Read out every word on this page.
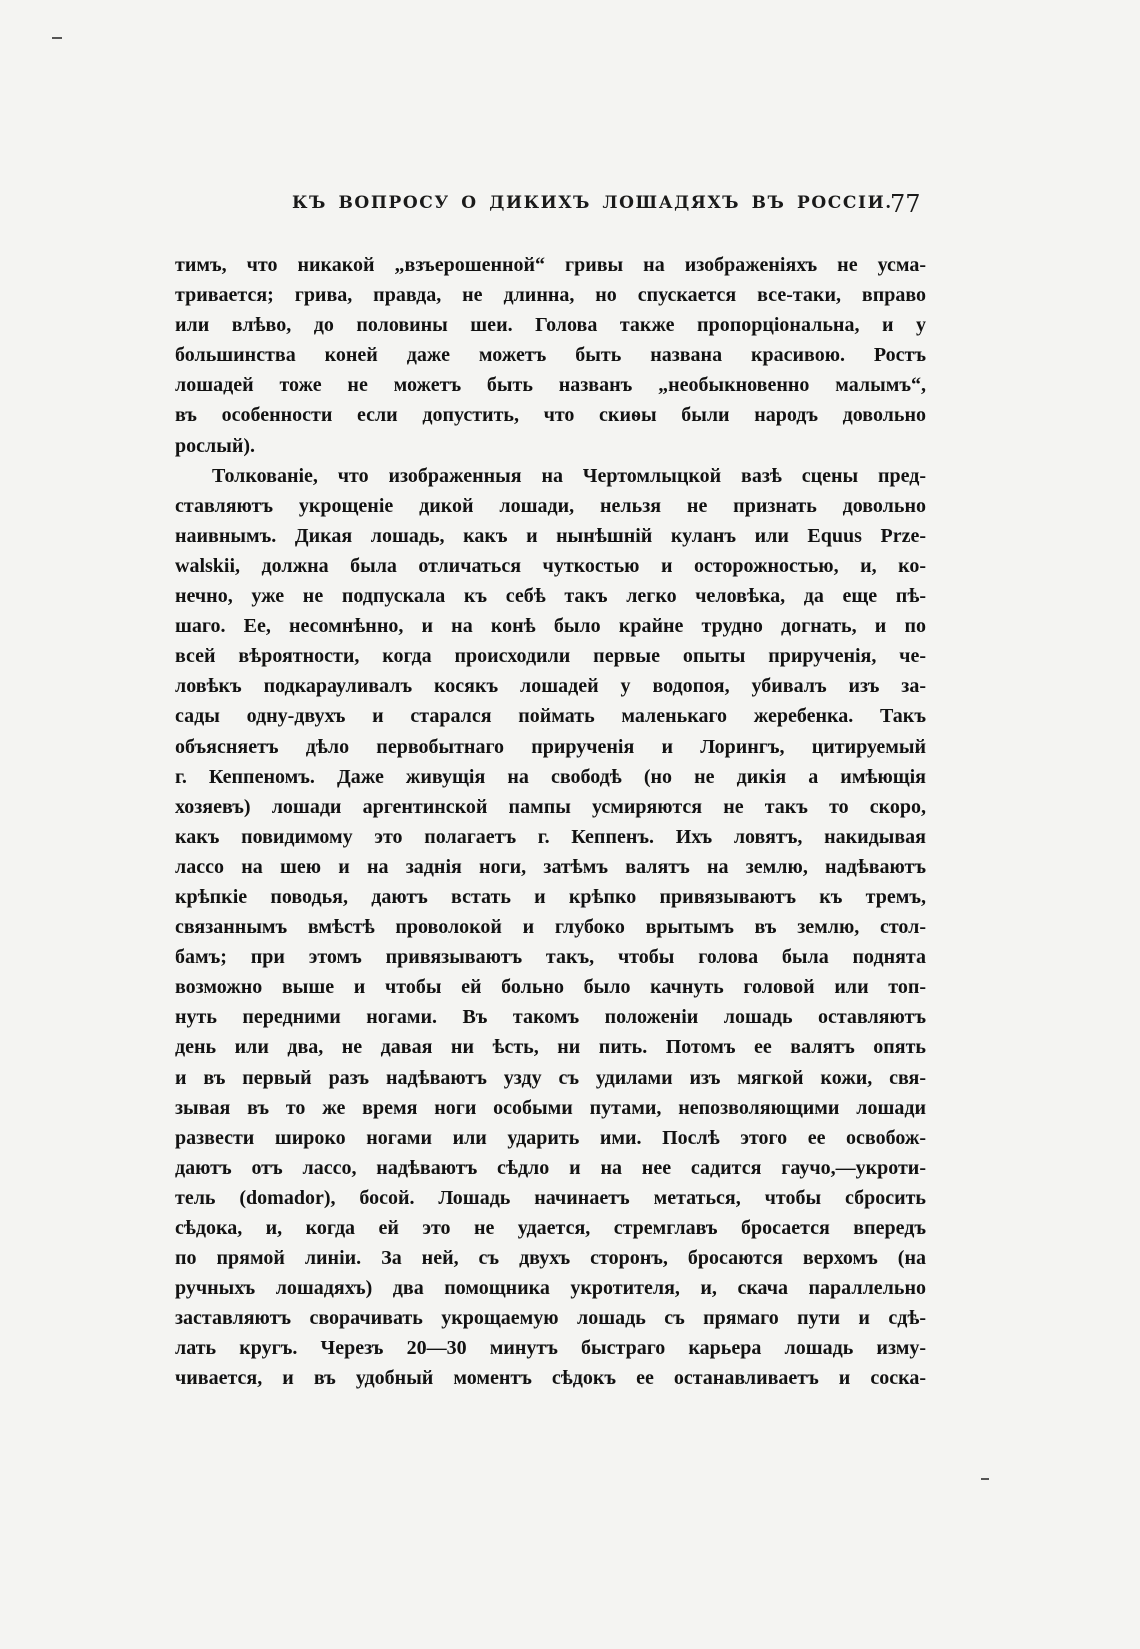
КЪ ВОПРОСУ О ДИКИХЪ ЛОШАДЯХЪ ВЪ РОССІИ.
77
тимъ, что никакой „взъерошенной“ гривы на изображеніяхъ не усма-
тривается; грива, правда, не длинна, но спускается все-таки, вправо
или влѣво, до половины шеи. Голова также пропорціональна, и у
большинства коней даже можетъ быть названа красивою. Ростъ
лошадей тоже не можетъ быть названъ „необыкновенно малымъ“,
въ особенности если допустить, что скиѳы были народъ довольно
рослый).
Толкованіе, что изображенныя на Чертомлыцкой вазѣ сцены пред-
ставляютъ укрощеніе дикой лошади, нельзя не признать довольно
наивнымъ. Дикая лошадь, какъ и нынѣшній куланъ или Equus Prze-
walskii, должна была отличаться чуткостью и осторожностью, и, ко-
нечно, уже не подпускала къ себѣ такъ легко человѣка, да еще пѣ-
шаго. Ее, несомнѣнно, и на конѣ было крайне трудно догнать, и по
всей вѣроятности, когда происходили первые опыты прирученія, че-
ловѣкъ подкарауливалъ косякъ лошадей у водопоя, убивалъ изъ за-
сады одну-двухъ и старался поймать маленькаго жеребенка. Такъ
объясняетъ дѣло первобытнаго прирученія и Лорингъ, цитируемый
г. Кеппеномъ. Даже живущія на свободѣ (но не дикія а имѣющія
хозяевъ) лошади аргентинской пампы усмиряются не такъ то скоро,
какъ повидимому это полагаетъ г. Кеппенъ. Ихъ ловятъ, накидывая
лассо на шею и на заднія ноги, затѣмъ валятъ на землю, надѣваютъ
крѣпкіе поводья, даютъ встать и крѣпко привязываютъ къ тремъ,
связаннымъ вмѣстѣ проволокой и глубоко врытымъ въ землю, стол-
бамъ; при этомъ привязываютъ такъ, чтобы голова была поднята
возможно выше и чтобы ей больно было качнуть головой или топ-
нуть передними ногами. Въ такомъ положеніи лошадь оставляютъ
день или два, не давая ни ѣсть, ни пить. Потомъ ее валятъ опять
и въ первый разъ надѣваютъ узду съ удилами изъ мягкой кожи, свя-
зывая въ то же время ноги особыми путами, непозволяющими лошади
развести широко ногами или ударить ими. Послѣ этого ее освобож-
даютъ отъ лассо, надѣваютъ сѣдло и на нее садится гаучо,—укроти-
тель (domador), босой. Лошадь начинаетъ метаться, чтобы сбросить
сѣдока, и, когда ей это не удается, стремглавъ бросается впередъ
по прямой линіи. За ней, съ двухъ сторонъ, бросаются верхомъ (на
ручныхъ лошадяхъ) два помощника укротителя, и, скача параллельно
заставляютъ сворачивать укрощаемую лошадь съ прямаго пути и сдѣ-
лать кругъ. Черезъ 20—30 минутъ быстраго карьера лошадь изму-
чивается, и въ удобный моментъ сѣдокъ ее останавливаетъ и соска-
